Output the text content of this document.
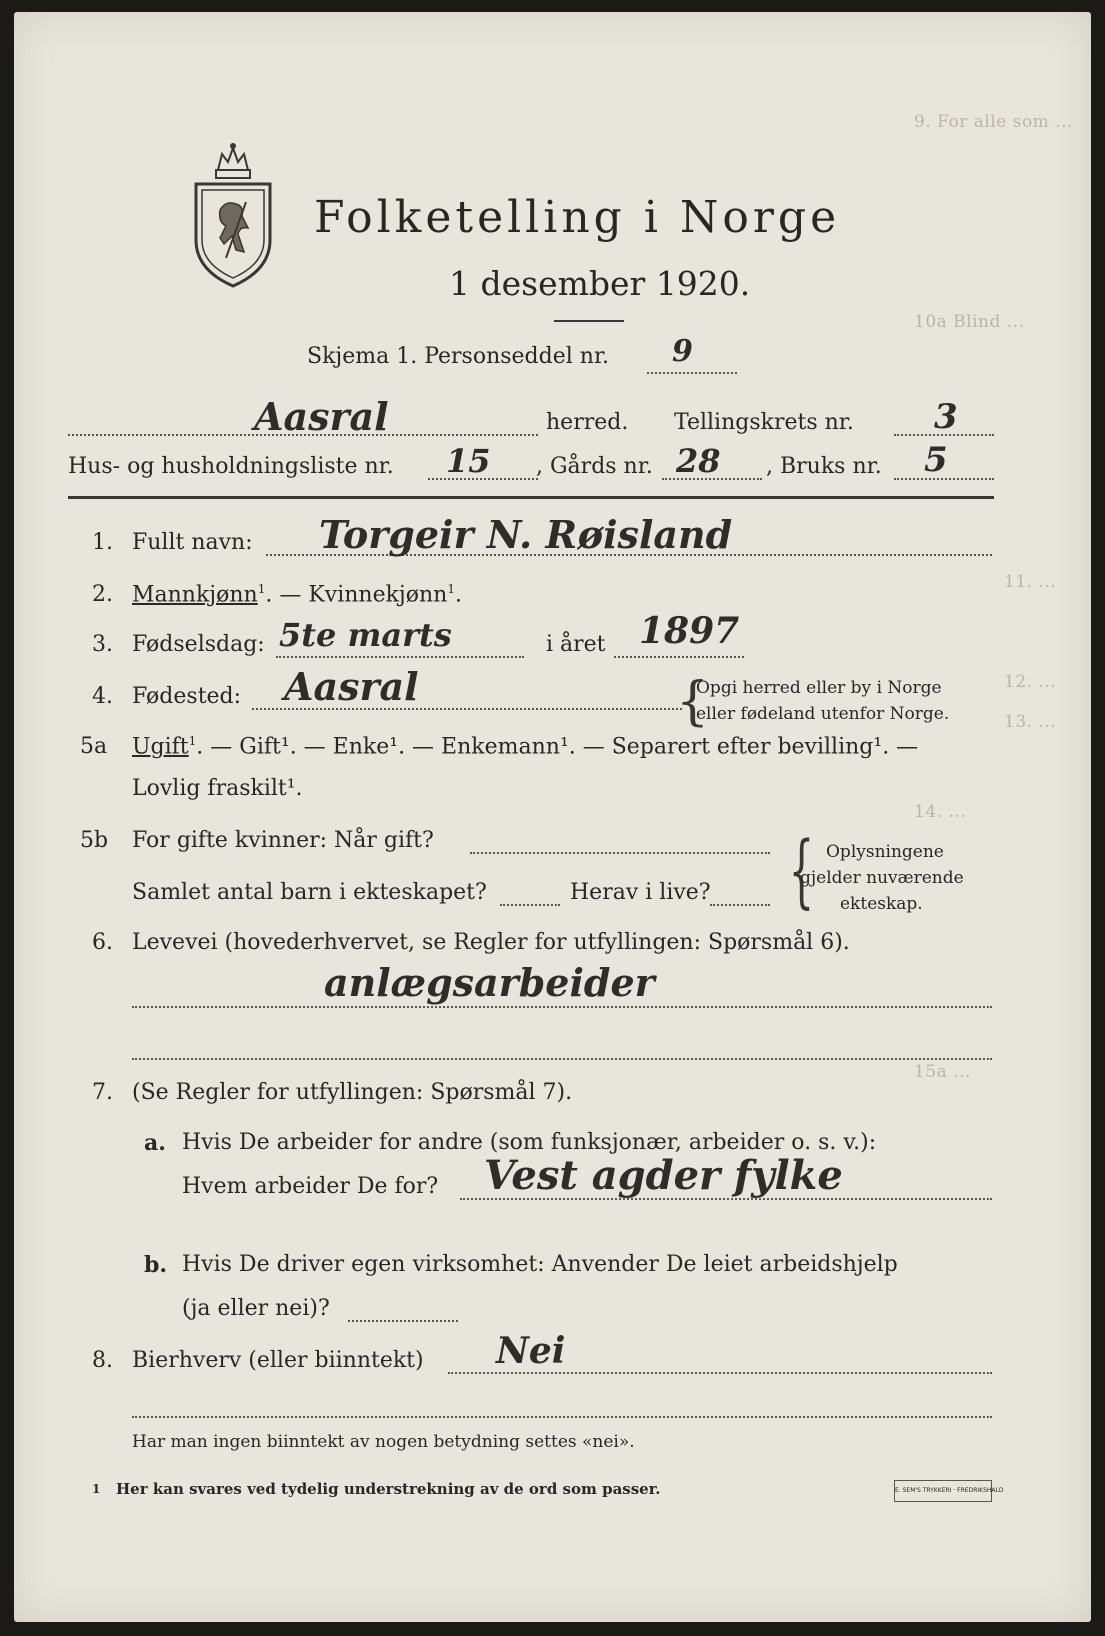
9. For alle som ...
10a Blind ...
11. ...
12. ...
13. ...
14. ...
15a ...
Folketelling i Norge
1 desember 1920.
Skjema 1. Personseddel nr. 9
Aasral	herred. Tellingskrets nr. 3
Hus- og husholdningsliste nr. 15 , Gårds nr. 28 , Bruks nr. 5
1. Fullt navn: Torgeir N. Røisland
2. Mannkjønn$^1$. — Kvinnekjønn$^1$.
3. Fødselsdag: 5te marts	i året 1897
4. Fødested: Aasral	{
Opgi herred eller by i Norge
eller fødeland utenfor Norge.
5a Ugift$^1$. — Gift¹. — Enke¹. — Enkemann¹. — Separert efter bevilling¹. —
Lovlig fraskilt¹.
5b For gifte kvinner: Når gift?
Samlet antal barn i ekteskapet?	Herav i live? { Oplysningene
gjelder nuværende
ekteskap.
6. Levevei (hovederhvervet, se Regler for utfyllingen: Spørsmål 6).
anlægsarbeider
7. (Se Regler for utfyllingen: Spørsmål 7).
a. Hvis De arbeider for andre (som funksjonær, arbeider o. s. v.):
Hvem arbeider De for? Vest agder fylke
b. Hvis De driver egen virksomhet: Anvender De leiet arbeidshjelp
(ja eller nei)?
8. Bierhverv (eller biinntekt) Nei
Har man ingen biinntekt av nogen betydning settes «nei».
1 Her kan svares ved tydelig understrekning av de ord som passer.	E. SEM'S TRYKKERI · FREDRIKSHALD
